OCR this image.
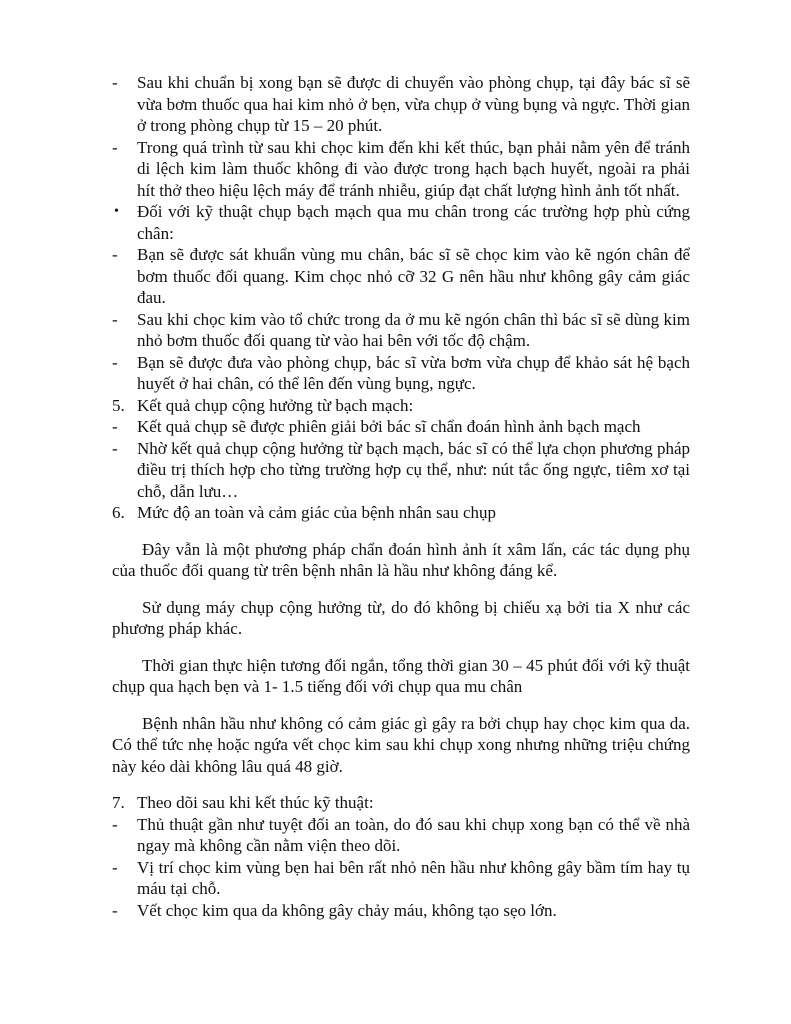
-	Sau khi chuẩn bị xong bạn sẽ được di chuyển vào phòng chụp, tại đây bác sĩ sẽ vừa bơm thuốc qua hai kim nhỏ ở bẹn, vừa chụp ở vùng bụng và ngực. Thời gian ở trong phòng chụp từ 15 – 20 phút.
-	Trong quá trình từ sau khi chọc kim đến khi kết thúc, bạn phải nằm yên để tránh di lệch kim làm thuốc không đi vào được trong hạch bạch huyết, ngoài ra phải hít thở theo hiệu lệch máy để tránh nhiễu, giúp đạt chất lượng hình ảnh tốt nhất.
•	Đối với kỹ thuật chụp bạch mạch qua mu chân trong các trường hợp phù cứng chân:
-	Bạn sẽ được sát khuẩn vùng mu chân, bác sĩ sẽ chọc kim vào kẽ ngón chân để bơm thuốc đối quang. Kim chọc nhỏ cỡ 32 G nên hầu như không gây cảm giác đau.
-	Sau khi chọc kim vào tổ chức trong da ở mu kẽ ngón chân thì bác sĩ sẽ dùng kim nhỏ bơm thuốc đối quang từ vào hai bên với tốc độ chậm.
-	Bạn sẽ được đưa vào phòng chụp, bác sĩ vừa bơm vừa chụp để khảo sát hệ bạch huyết ở hai chân, có thể lên đến vùng bụng, ngực.
5. Kết quả chụp cộng hưởng từ bạch mạch:
-	Kết quả chụp sẽ được phiên giải bởi bác sĩ chẩn đoán hình ảnh bạch mạch
-	Nhờ kết quả chụp cộng hưởng từ bạch mạch, bác sĩ có thể lựa chọn phương pháp điều trị thích hợp cho từng trường hợp cụ thể, như: nút tắc ống ngực, tiêm xơ tại chỗ, dẫn lưu…
6. Mức độ an toàn và cảm giác của bệnh nhân sau chụp

Đây vẫn là một phương pháp chẩn đoán hình ảnh ít xâm lấn, các tác dụng phụ của thuốc đối quang từ trên bệnh nhân là hầu như không đáng kể.

Sử dụng máy chụp cộng hưởng từ, do đó không bị chiếu xạ bởi tia X như các phương pháp khác.

Thời gian thực hiện tương đối ngắn, tổng thời gian 30 – 45 phút đối với kỹ thuật chụp qua hạch bẹn và 1- 1.5 tiếng đối với chụp qua mu chân

Bệnh nhân hầu như không có cảm giác gì gây ra bởi chụp hay chọc kim qua da. Có thể tức nhẹ hoặc ngứa vết chọc kim sau khi chụp xong nhưng những triệu chứng này kéo dài không lâu quá 48 giờ.

7. Theo dõi sau khi kết thúc kỹ thuật:
-	Thủ thuật gần như tuyệt đối an toàn, do đó sau khi chụp xong bạn có thể về nhà ngay mà không cần nằm viện theo dõi.
-	Vị trí chọc kim vùng bẹn hai bên rất nhỏ nên hầu như không gây bầm tím hay tụ máu tại chỗ.
-	Vết chọc kim qua da không gây chảy máu, không tạo sẹo lớn.
